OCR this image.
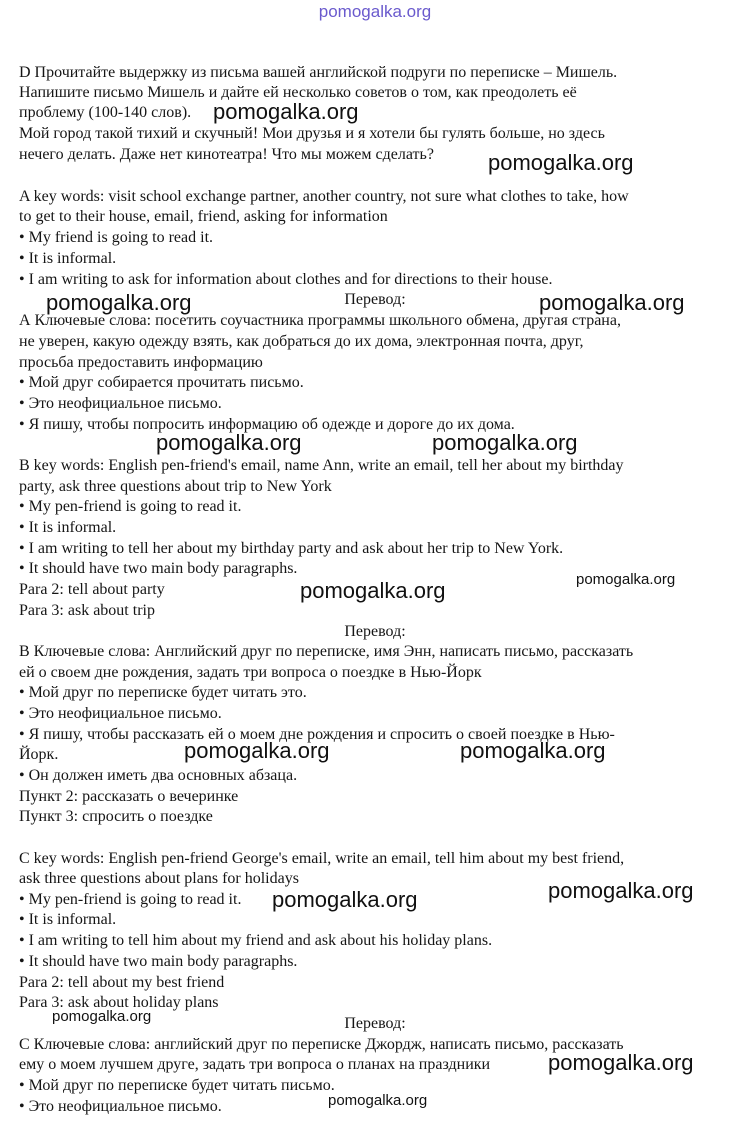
pomogalka.org
D Прочитайте выдержку из письма вашей английской подруги по переписке – Мишель.
Напишите письмо Мишель и дайте ей несколько советов о том, как преодолеть её
проблему (100-140 слов).
Мой город такой тихий и скучный! Мои друзья и я хотели бы гулять больше, но здесь
нечего делать. Даже нет кинотеатра! Что мы можем сделать?
A key words: visit school exchange partner, another country, not sure what clothes to take, how
to get to their house, email, friend, asking for information
• My friend is going to read it.
• It is informal.
• I am writing to ask for information about clothes and for directions to their house.
Перевод:
А Ключевые слова: посетить соучастника программы школьного обмена, другая страна,
не уверен, какую одежду взять, как добраться до их дома, электронная почта, друг,
просьба предоставить информацию
• Мой друг собирается прочитать письмо.
• Это неофициальное письмо.
• Я пишу, чтобы попросить информацию об одежде и дороге до их дома.
B key words: English pen-friend's email, name Ann, write an email, tell her about my birthday
party, ask three questions about trip to New York
• My pen-friend is going to read it.
• It is informal.
• I am writing to tell her about my birthday party and ask about her trip to New York.
• It should have two main body paragraphs.
Para 2: tell about party
Para 3: ask about trip
Перевод:
В Ключевые слова: Английский друг по переписке, имя Энн, написать письмо, рассказать
ей о своем дне рождения, задать три вопроса о поездке в Нью-Йорк
• Мой друг по переписке будет читать это.
• Это неофициальное письмо.
• Я пишу, чтобы рассказать ей о моем дне рождения и спросить о своей поездке в Нью-
Йорк.
• Он должен иметь два основных абзаца.
Пункт 2: рассказать о вечеринке
Пункт 3: спросить о поездке
C key words: English pen-friend George's email, write an email, tell him about my best friend,
ask three questions about plans for holidays
• My pen-friend is going to read it.
• It is informal.
• I am writing to tell him about my friend and ask about his holiday plans.
• It should have two main body paragraphs.
Para 2: tell about my best friend
Para 3: ask about holiday plans
Перевод:
С Ключевые слова: английский друг по переписке Джордж, написать письмо, рассказать
ему о моем лучшем друге, задать три вопроса о планах на праздники
• Мой друг по переписке будет читать письмо.
• Это неофициальное письмо.
pomogalka.org
pomogalka.org
pomogalka.org	pomogalka.org
pomogalka.org	pomogalka.org
pomogalka.org
pomogalka.org
pomogalka.org	pomogalka.org
pomogalka.org
pomogalka.org
pomogalka.org
pomogalka.org
pomogalka.org
